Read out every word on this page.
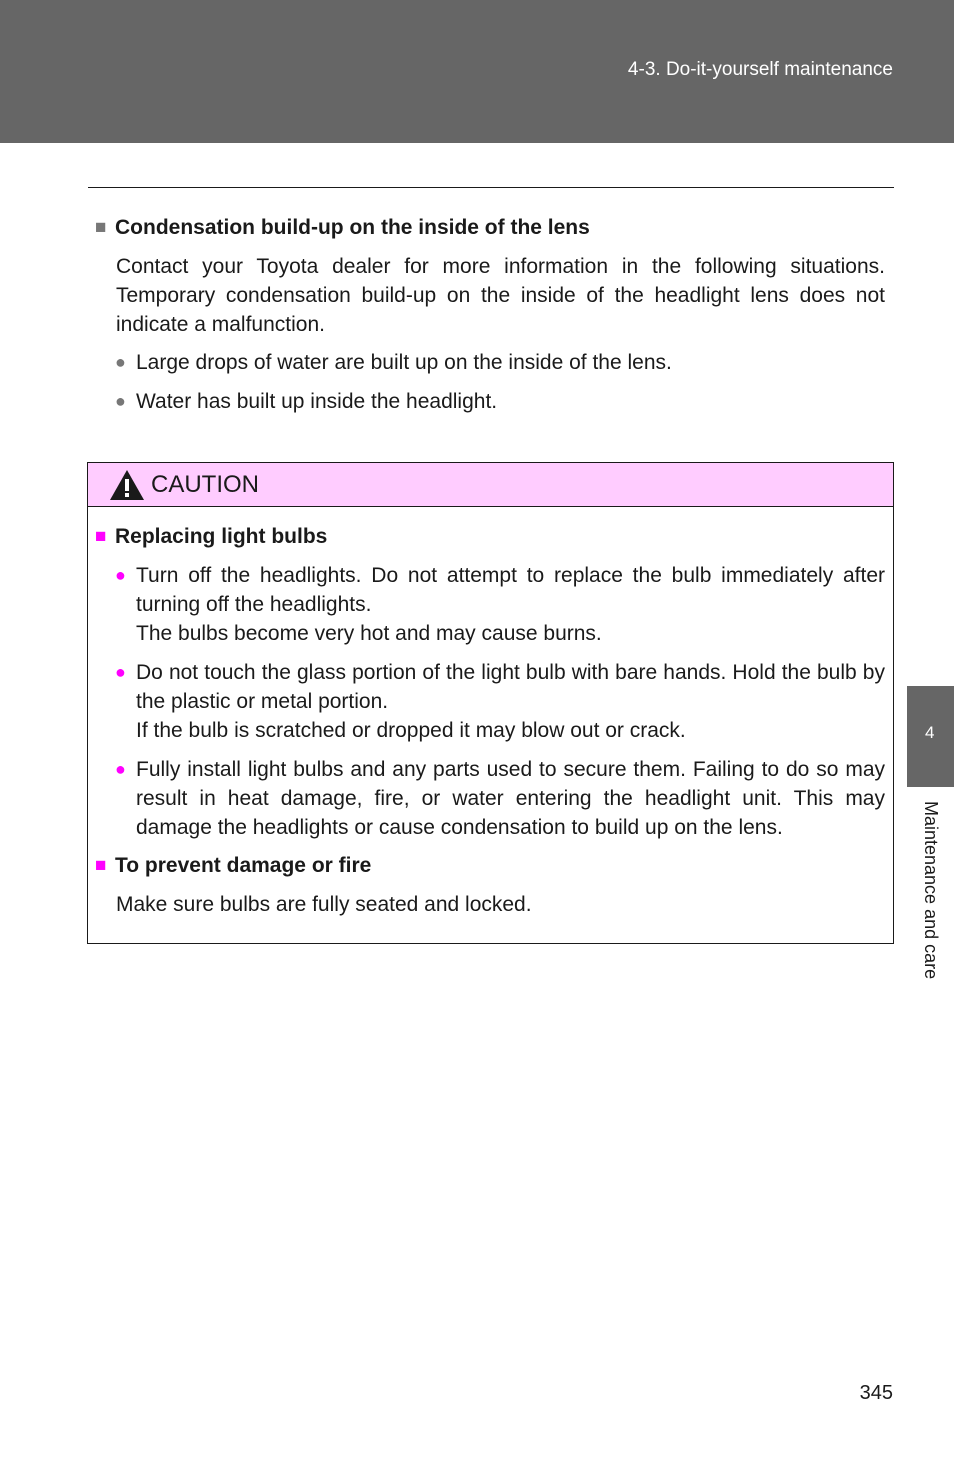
4-3. Do-it-yourself maintenance
■ Condensation build-up on the inside of the lens
Contact your Toyota dealer for more information in the following situations. Temporary condensation build-up on the inside of the headlight lens does not indicate a malfunction.
● Large drops of water are built up on the inside of the lens.
● Water has built up inside the headlight.
CAUTION
■ Replacing light bulbs
● Turn off the headlights. Do not attempt to replace the bulb immediately after turning off the headlights.
The bulbs become very hot and may cause burns.
● Do not touch the glass portion of the light bulb with bare hands. Hold the bulb by the plastic or metal portion.
If the bulb is scratched or dropped it may blow out or crack.
● Fully install light bulbs and any parts used to secure them. Failing to do so may result in heat damage, fire, or water entering the headlight unit. This may damage the headlights or cause condensation to build up on the lens.
■ To prevent damage or fire
Make sure bulbs are fully seated and locked.
4
Maintenance and care
345
